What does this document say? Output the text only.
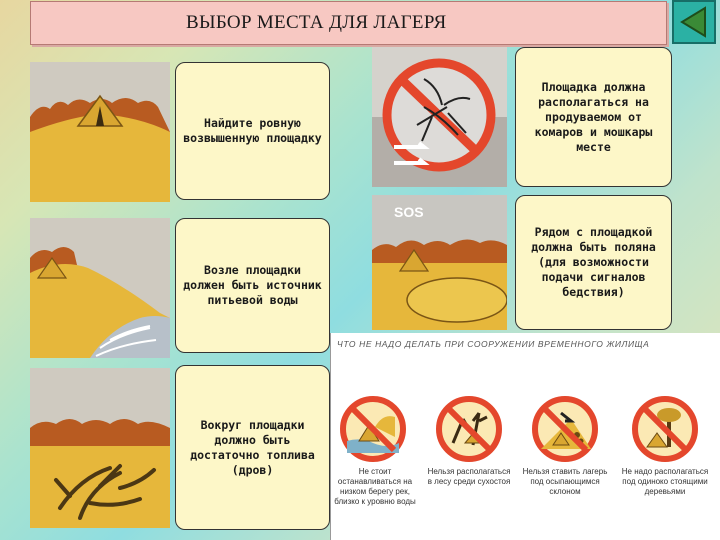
ВЫБОР МЕСТА ДЛЯ ЛАГЕРЯ
Найдите ровную возвышенную площадку
Площадка должна располагаться на продуваемом от комаров и мошкары месте
Возле площадки должен быть источник питьевой воды
SOS
Рядом с площадкой должна быть поляна (для возможности подачи сигналов бедствия)
Вокруг площадки должно быть достаточно топлива (дров)
ЧТО НЕ НАДО ДЕЛАТЬ ПРИ СООРУЖЕНИИ ВРЕМЕННОГО ЖИЛИЩА
Не стоит останавливаться на низком берегу рек, близко к уровню воды
Нельзя располагаться в лесу среди сухостоя
Нельзя ставить лагерь под осыпающимся склоном
Не надо располагаться под одиноко стоящими деревьями
